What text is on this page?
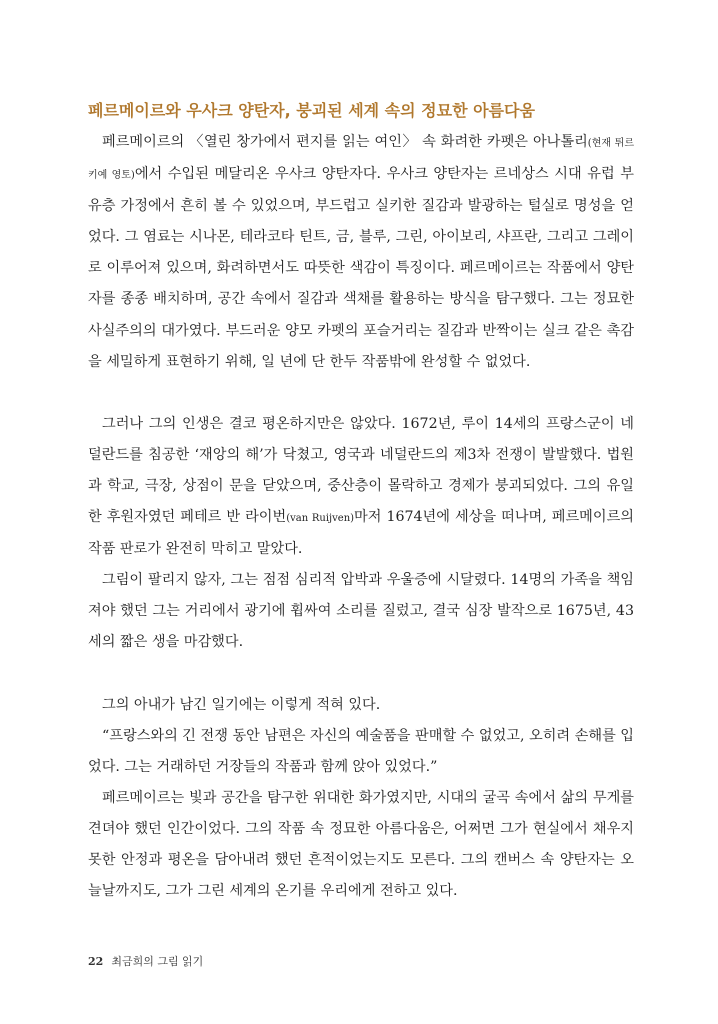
페르메이르와 우사크 양탄자, 붕괴된 세계 속의 정묘한 아름다움

페르메이르의 〈열린 창가에서 편지를 읽는 여인〉 속 화려한 카펫은 아나톨리(현재 튀르키예 영토)에서 수입된 메달리온 우사크 양탄자다. 우사크 양탄자는 르네상스 시대 유럽 부유층 가정에서 흔히 볼 수 있었으며, 부드럽고 실키한 질감과 발광하는 털실로 명성을 얻었다. 그 염료는 시나몬, 테라코타 틴트, 금, 블루, 그린, 아이보리, 샤프란, 그리고 그레이로 이루어져 있으며, 화려하면서도 따뜻한 색감이 특징이다. 페르메이르는 작품에서 양탄자를 종종 배치하며, 공간 속에서 질감과 색채를 활용하는 방식을 탐구했다. 그는 정묘한 사실주의의 대가였다. 부드러운 양모 카펫의 포슬거리는 질감과 반짝이는 실크 같은 촉감을 세밀하게 표현하기 위해, 일 년에 단 한두 작품밖에 완성할 수 없었다.

그러나 그의 인생은 결코 평온하지만은 않았다. 1672년, 루이 14세의 프랑스군이 네덜란드를 침공한 ‘재앙의 해’가 닥쳤고, 영국과 네덜란드의 제3차 전쟁이 발발했다. 법원과 학교, 극장, 상점이 문을 닫았으며, 중산층이 몰락하고 경제가 붕괴되었다. 그의 유일한 후원자였던 페테르 반 라이번(van Ruijven)마저 1674년에 세상을 떠나며, 페르메이르의 작품 판로가 완전히 막히고 말았다.

그림이 팔리지 않자, 그는 점점 심리적 압박과 우울증에 시달렸다. 14명의 가족을 책임져야 했던 그는 거리에서 광기에 휩싸여 소리를 질렀고, 결국 심장 발작으로 1675년, 43세의 짧은 생을 마감했다.

그의 아내가 남긴 일기에는 이렇게 적혀 있다.

“프랑스와의 긴 전쟁 동안 남편은 자신의 예술품을 판매할 수 없었고, 오히려 손해를 입었다. 그는 거래하던 거장들의 작품과 함께 앉아 있었다.”

페르메이르는 빛과 공간을 탐구한 위대한 화가였지만, 시대의 굴곡 속에서 삶의 무게를 견뎌야 했던 인간이었다. 그의 작품 속 정묘한 아름다움은, 어쩌면 그가 현실에서 채우지 못한 안정과 평온을 담아내려 했던 흔적이었는지도 모른다. 그의 캔버스 속 양탄자는 오늘날까지도, 그가 그린 세계의 온기를 우리에게 전하고 있다.

22 최금희의 그림 읽기
